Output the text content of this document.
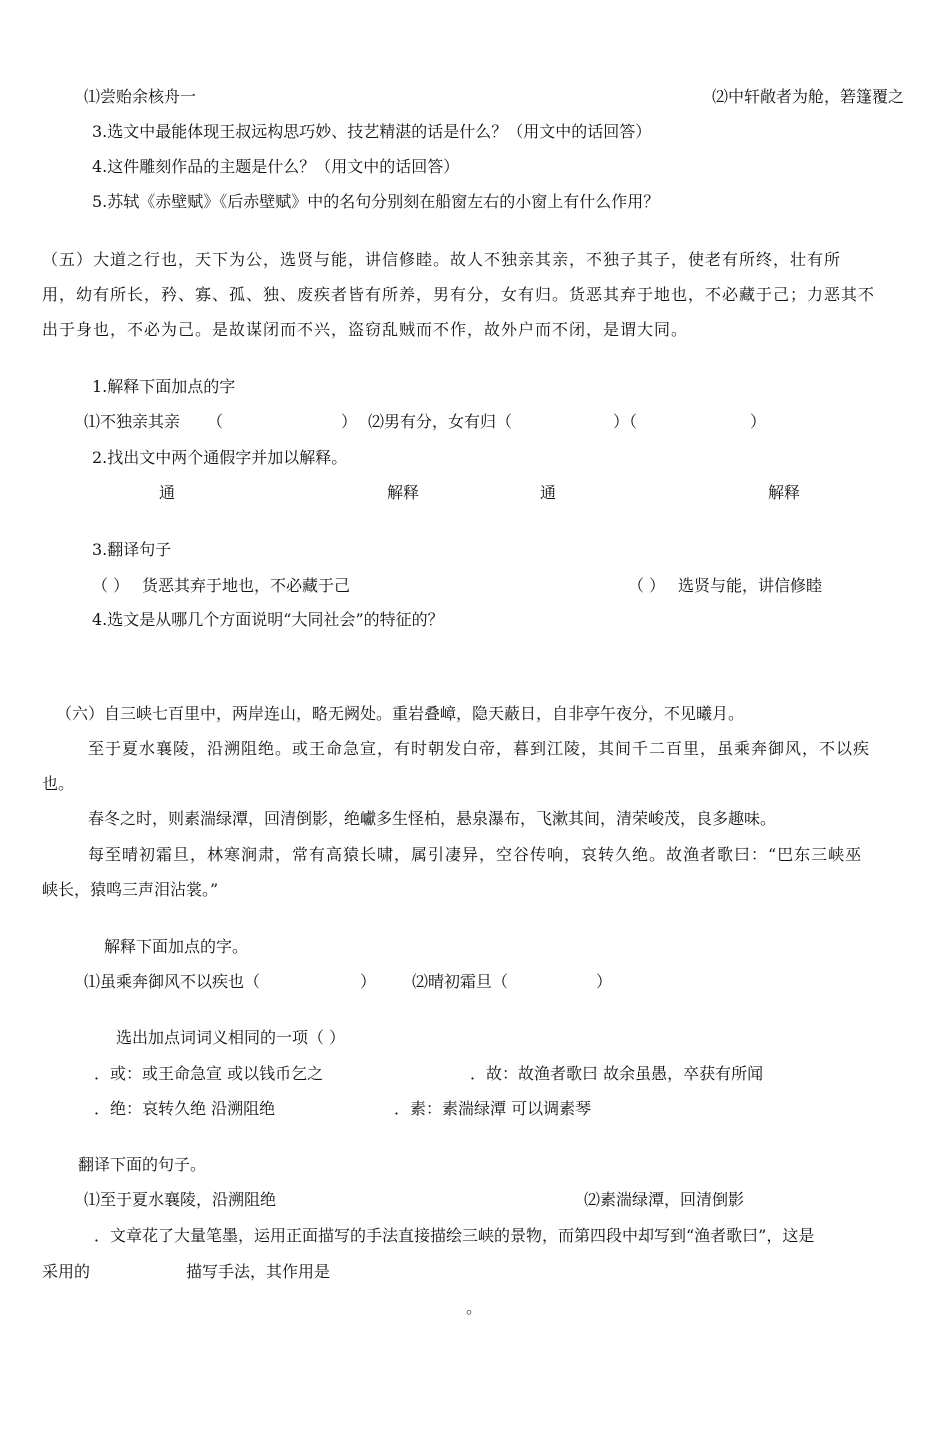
⑴尝贻余核舟一	⑵中轩敞者为舱，箬篷覆之
3.选文中最能体现王叔远构思巧妙、技艺精湛的话是什么？（用文中的话回答）
4.这件雕刻作品的主题是什么？（用文中的话回答）
5.苏轼《赤壁赋》《后赤壁赋》中的名句分别刻在船窗左右的小窗上有什么作用？
（五）大道之行也，天下为公，选贤与能，讲信修睦。故人不独亲其亲，不独子其子，使老有所终，壮有所
用，幼有所长，矜、寡、孤、独、废疾者皆有所养，男有分，女有归。货恶其弃于地也，不必藏于己；力恶其不
出于身也，不必为己。是故谋闭而不兴，盗窃乱贼而不作，故外户而不闭，是谓大同。
1.解释下面加点的字
⑴不独亲其亲 （	） ⑵男有分，女有归（	）（	）
2.找出文中两个通假字并加以解释。
通	解释	通	解释
3.翻译句子
（ ） 货恶其弃于地也，不必藏于己	（ ） 选贤与能，讲信修睦
4.选文是从哪几个方面说明“大同社会”的特征的？
（六）自三峡七百里中，两岸连山，略无阙处。重岩叠嶂，隐天蔽日，自非亭午夜分，不见曦月。
至于夏水襄陵，沿溯阻绝。或王命急宣，有时朝发白帝，暮到江陵，其间千二百里，虽乘奔御风，不以疾
也。
春冬之时，则素湍绿潭，回清倒影，绝巘多生怪柏，悬泉瀑布，飞漱其间，清荣峻茂，良多趣味。
每至晴初霜旦，林寒涧肃，常有高猿长啸，属引凄异，空谷传响，哀转久绝。故渔者歌曰：“巴东三峡巫
峡长，猿鸣三声泪沾裳。”
解释下面加点的字。
⑴虽乘奔御风不以疾也（	） ⑵晴初霜旦（	）
选出加点词词义相同的一项（ ）
．或：或王命急宣 或以钱币乞之	．故：故渔者歌曰 故余虽愚，卒获有所闻
．绝：哀转久绝 沿溯阻绝	．素：素湍绿潭 可以调素琴
翻译下面的句子。
⑴至于夏水襄陵，沿溯阻绝	⑵素湍绿潭，回清倒影
．文章花了大量笔墨，运用正面描写的手法直接描绘三峡的景物，而第四段中却写到“渔者歌曰”，这是
采用的	描写手法，其作用是
。
